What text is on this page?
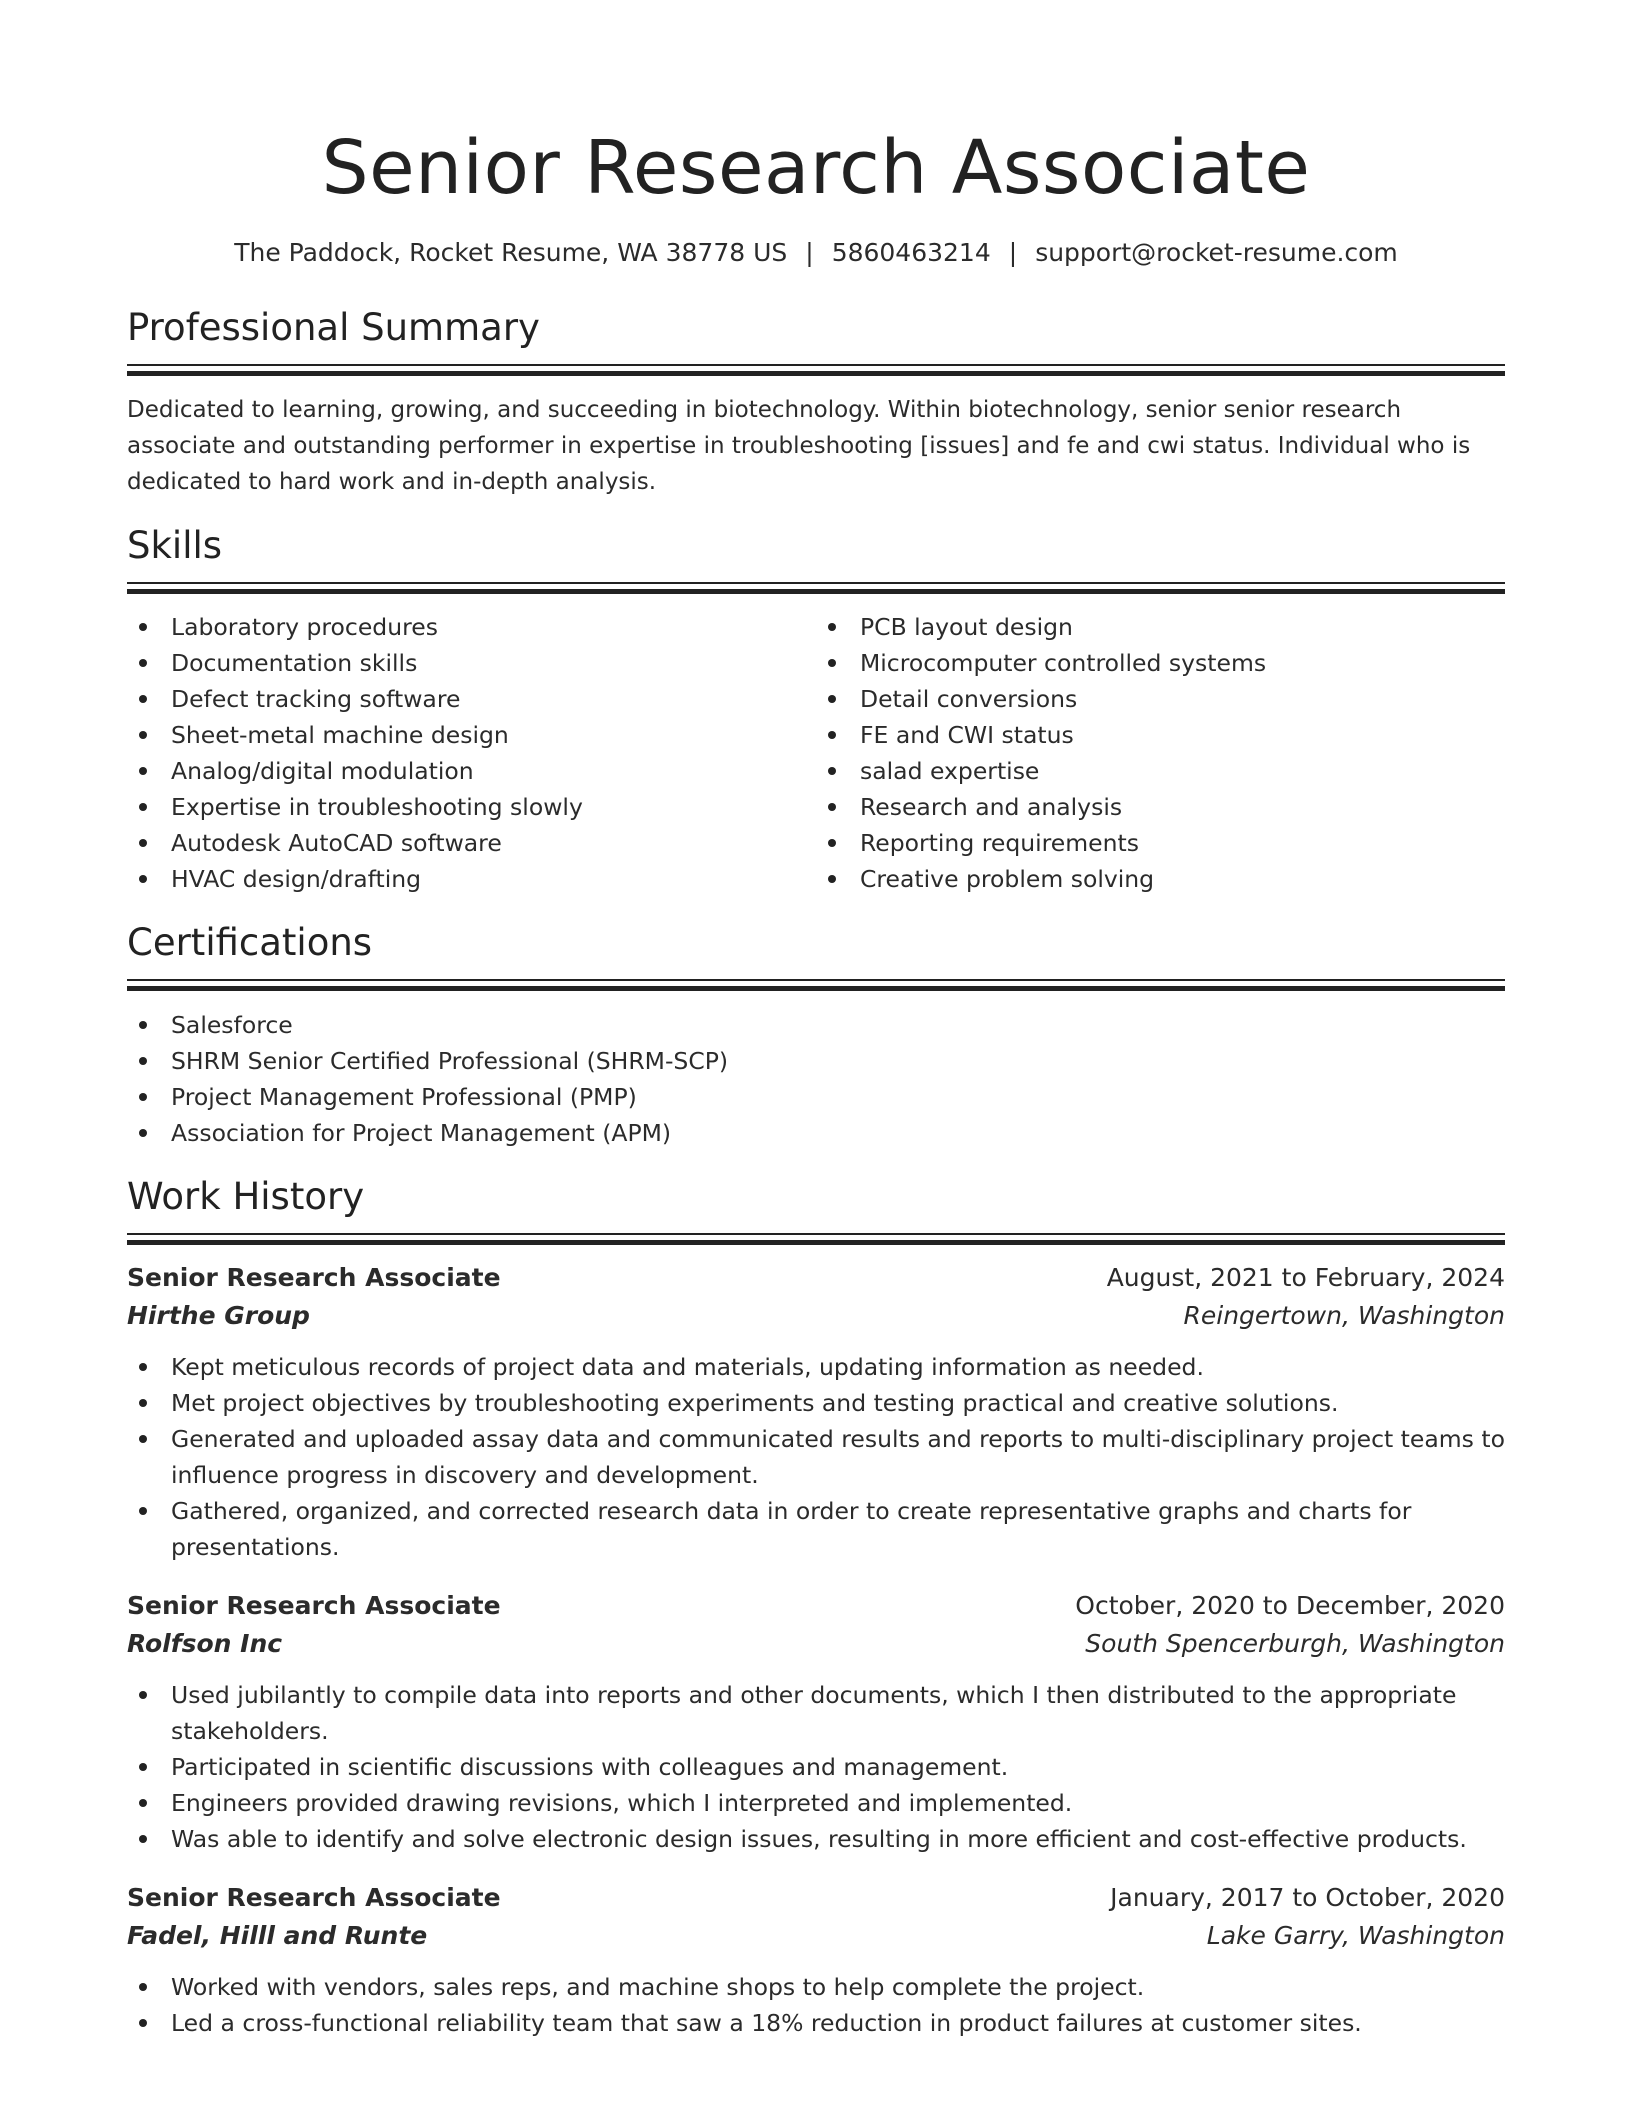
Senior Research Associate
The Paddock, Rocket Resume, WA 38778 US | 5860463214 | support@rocket-resume.com
Professional Summary

Dedicated to learning, growing, and succeeding in biotechnology. Within biotechnology, senior senior research associate and outstanding performer in expertise in troubleshooting [issues] and fe and cwi status. Individual who is dedicated to hard work and in-depth analysis.

Skills
Laboratory procedures
Documentation skills
Defect tracking software
Sheet-metal machine design
Analog/digital modulation
Expertise in troubleshooting slowly
Autodesk AutoCAD software
HVAC design/drafting
PCB layout design
Microcomputer controlled systems
Detail conversions
FE and CWI status
salad expertise
Research and analysis
Reporting requirements
Creative problem solving
Certifications
Salesforce
SHRM Senior Certified Professional (SHRM-SCP)
Project Management Professional (PMP)
Association for Project Management (APM)
Work History
Senior Research Associate	August, 2021 to February, 2024
Hirthe Group	Reingertown, Washington
Kept meticulous records of project data and materials, updating information as needed.
Met project objectives by troubleshooting experiments and testing practical and creative solutions.
Generated and uploaded assay data and communicated results and reports to multi-disciplinary project teams to influence progress in discovery and development.
Gathered, organized, and corrected research data in order to create representative graphs and charts for presentations.
Senior Research Associate	October, 2020 to December, 2020
Rolfson Inc	South Spencerburgh, Washington
Used jubilantly to compile data into reports and other documents, which I then distributed to the appropriate stakeholders.
Participated in scientific discussions with colleagues and management.
Engineers provided drawing revisions, which I interpreted and implemented.
Was able to identify and solve electronic design issues, resulting in more efficient and cost-effective products.
Senior Research Associate	January, 2017 to October, 2020
Fadel, Hilll and Runte	Lake Garry, Washington
Worked with vendors, sales reps, and machine shops to help complete the project.
Led a cross-functional reliability team that saw a 18% reduction in product failures at customer sites.
